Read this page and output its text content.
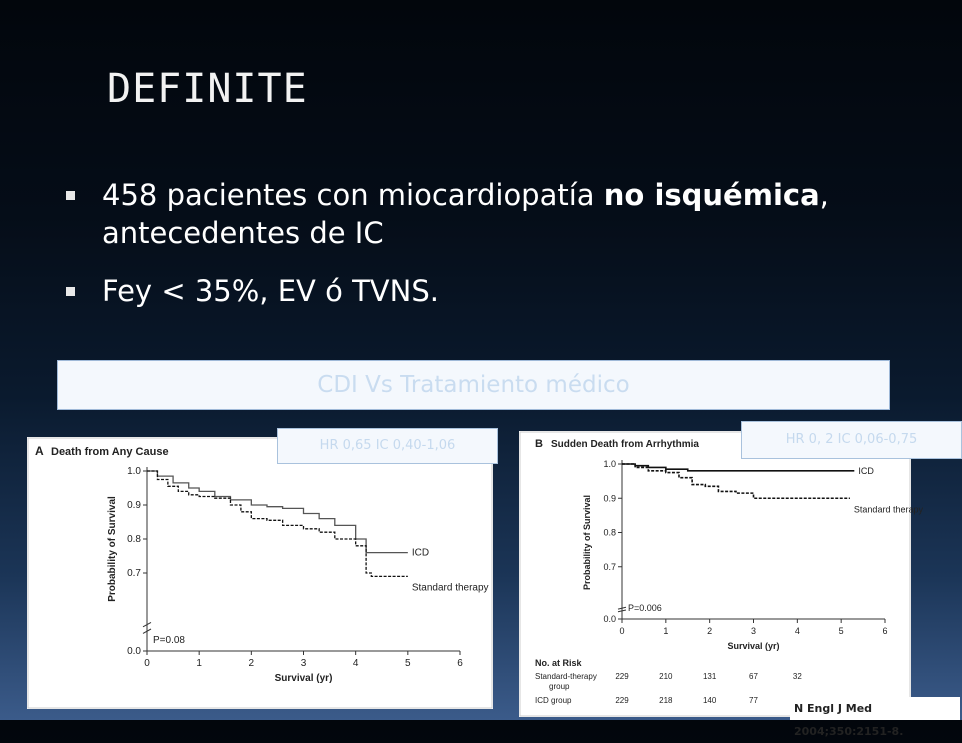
DEFINITE
458 pacientes con miocardiopatía no isquémica, antecedentes de IC
Fey < 35%, EV ó TVNS.
CDI Vs Tratamiento médico
A Death from Any Cause
0.0
0.7
0.8
0.9
1.0
0	1	2	3	4	5	6
Survival (yr)
Probability of Survival
P=0.08
ICD
Standard therapy
B Sudden Death from Arrhythmia
0.0
0.7
0.8
0.9
1.0
0	1	2	3	4	5	6
Survival (yr)
Probability of Survival
P=0.006
ICD
Standard therapy
No. at Risk
Standard-therapy
group
229	210	131	67	32
ICD group	229	218	140	77
HR 0,65 IC 0,40-1,06	HR 0, 2 IC 0,06-0,75
N Engl J Med 2004;350:2151-8.
